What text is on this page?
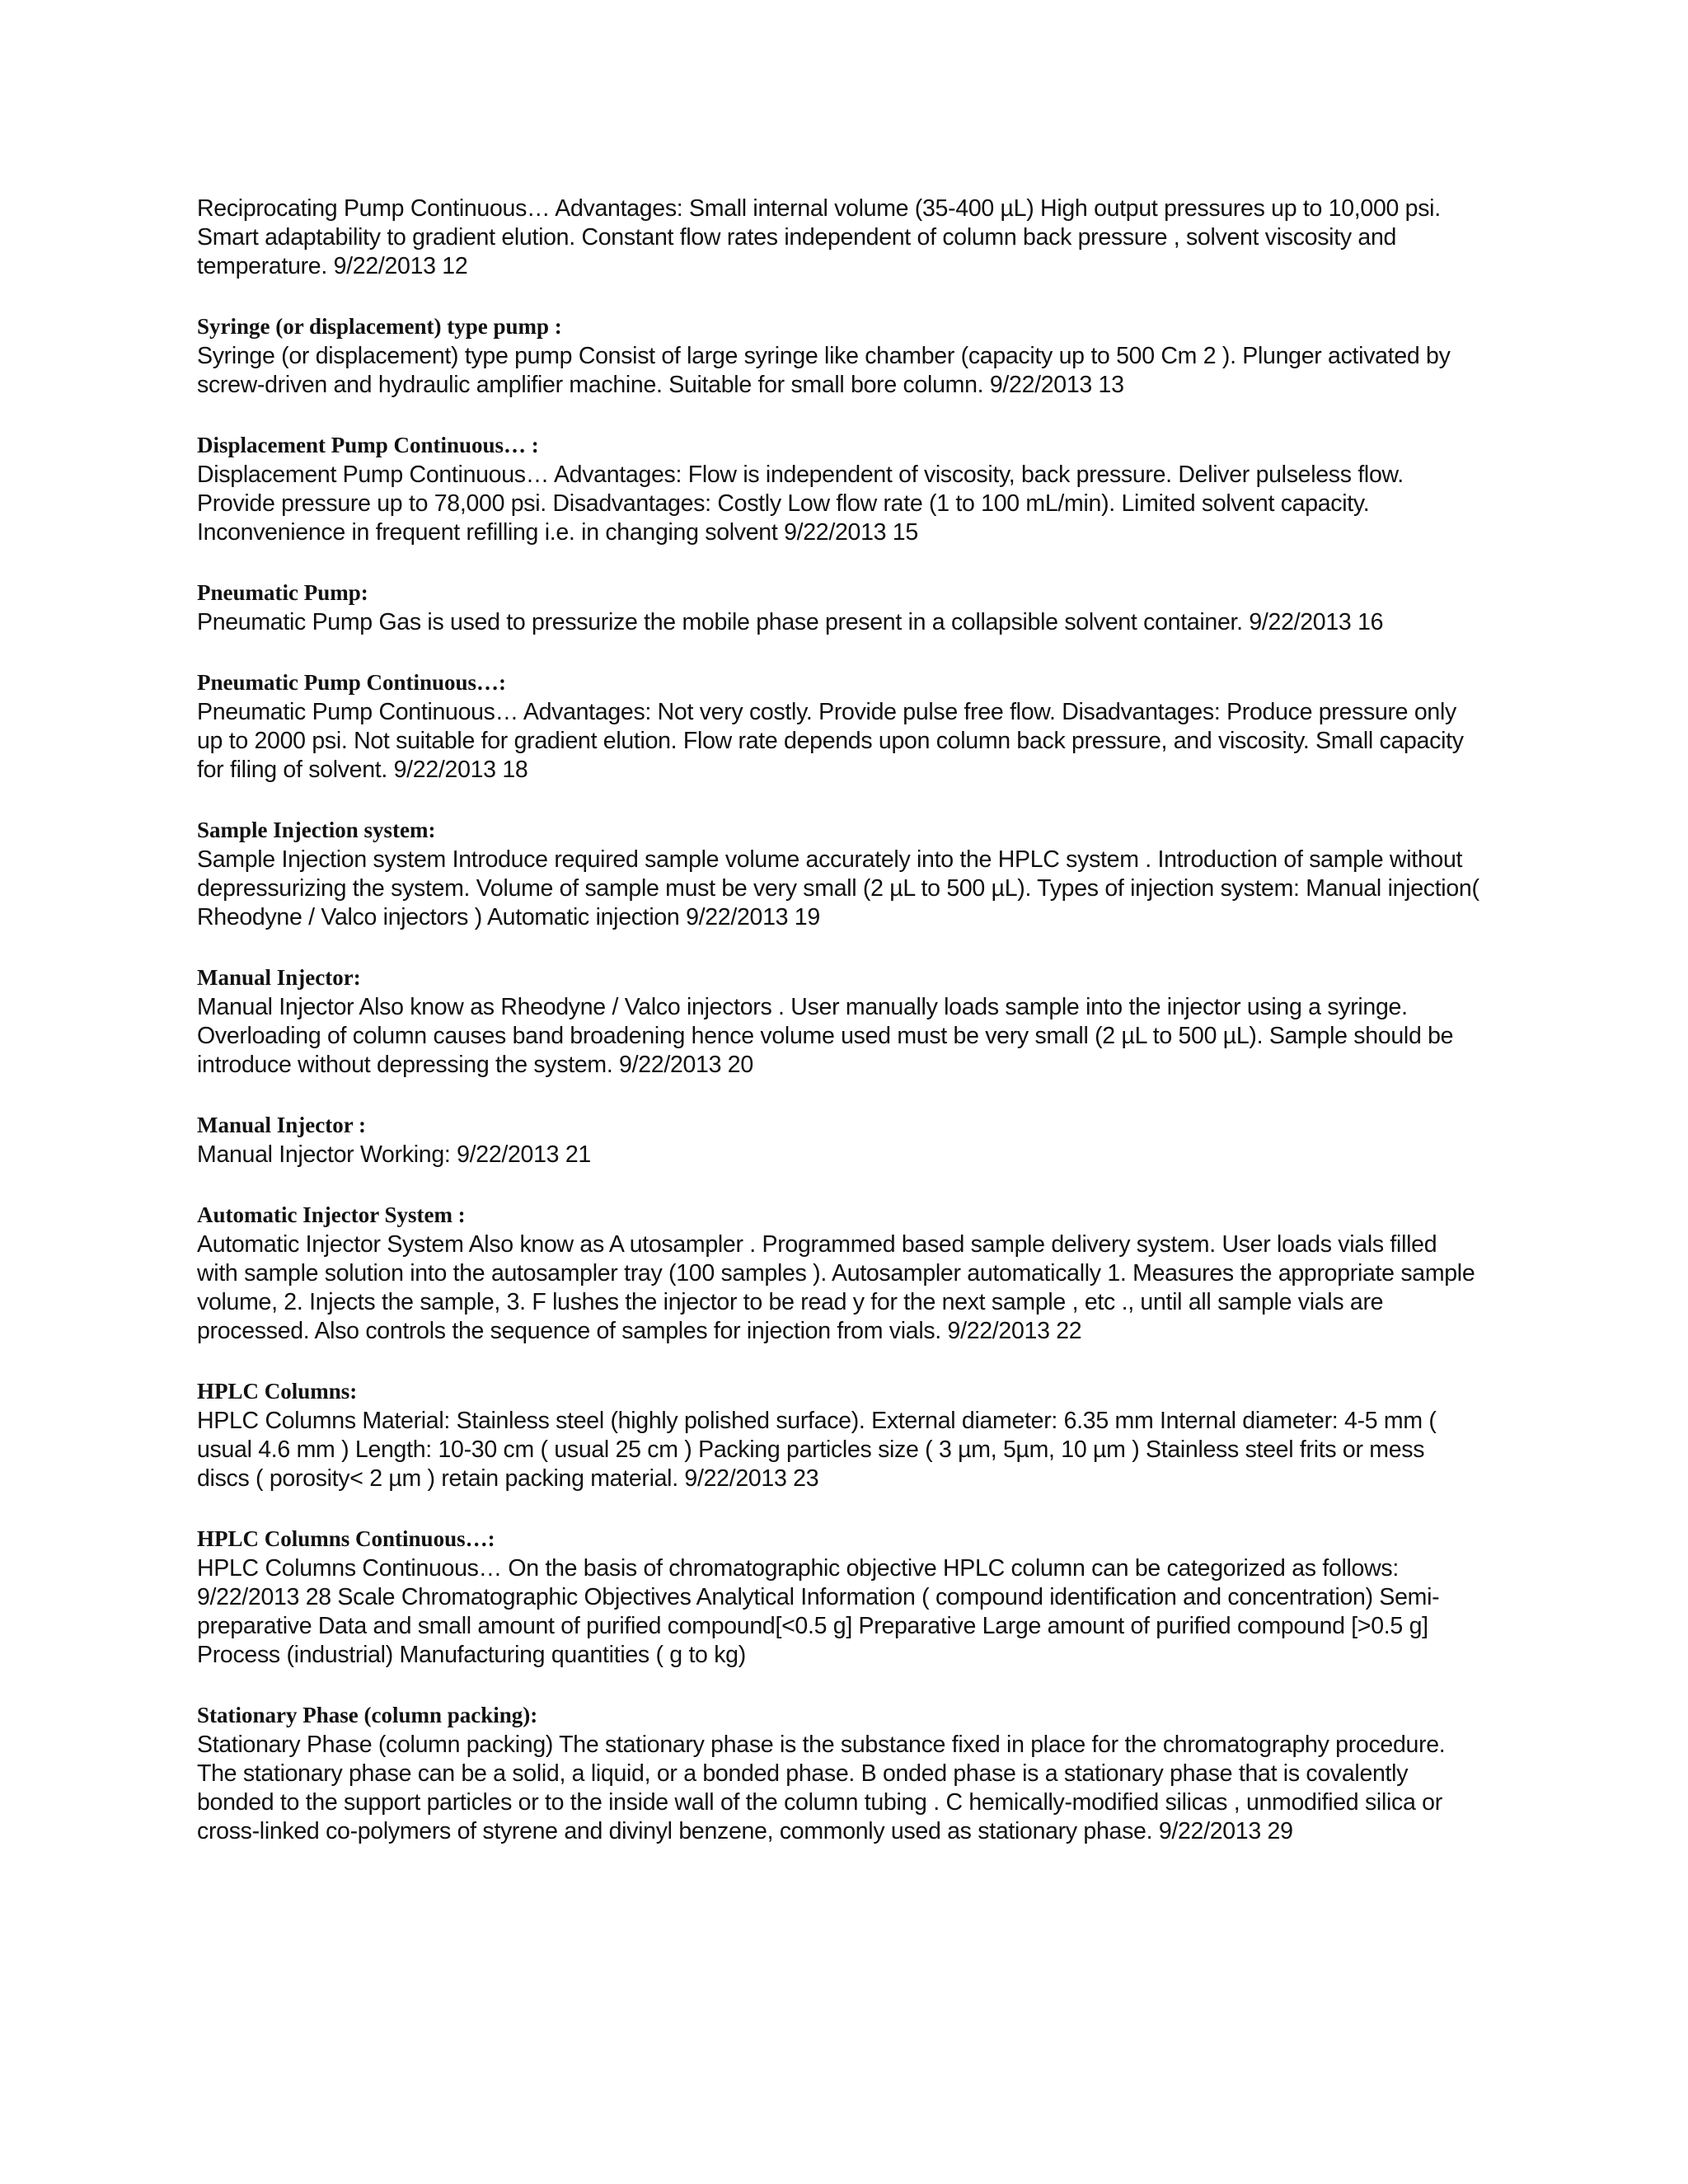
Reciprocating Pump Continuous… Advantages: Small internal volume (35-400 µL) High output pressures up to 10,000 psi. Smart adaptability to gradient elution. Constant flow rates independent of column back pressure , solvent viscosity and temperature. 9/22/2013 12

Syringe (or displacement) type pump :

Syringe (or displacement) type pump Consist of large syringe like chamber (capacity up to 500 Cm 2 ). Plunger activated by screw-driven and hydraulic amplifier machine. Suitable for small bore column. 9/22/2013 13

Displacement Pump Continuous… :

Displacement Pump Continuous… Advantages: Flow is independent of viscosity, back pressure. Deliver pulseless flow. Provide pressure up to 78,000 psi. Disadvantages: Costly Low flow rate (1 to 100 mL/min). Limited solvent capacity. Inconvenience in frequent refilling i.e. in changing solvent 9/22/2013 15

Pneumatic Pump:

Pneumatic Pump Gas is used to pressurize the mobile phase present in a collapsible solvent container. 9/22/2013 16

Pneumatic Pump Continuous…:

Pneumatic Pump Continuous… Advantages: Not very costly. Provide pulse free flow. Disadvantages: Produce pressure only up to 2000 psi. Not suitable for gradient elution. Flow rate depends upon column back pressure, and viscosity. Small capacity for filing of solvent. 9/22/2013 18

Sample Injection system:

Sample Injection system Introduce required sample volume accurately into the HPLC system . Introduction of sample without depressurizing the system. Volume of sample must be very small (2 µL to 500 µL). Types of injection system: Manual injection( Rheodyne / Valco injectors ) Automatic injection 9/22/2013 19

Manual Injector:

Manual Injector Also know as Rheodyne / Valco injectors . User manually loads sample into the injector using a syringe. Overloading of column causes band broadening hence volume used must be very small (2 µL to 500 µL). Sample should be introduce without depressing the system. 9/22/2013 20

Manual Injector :

Manual Injector Working: 9/22/2013 21

Automatic Injector System :

Automatic Injector System Also know as A utosampler . Programmed based sample delivery system. User loads vials filled with sample solution into the autosampler tray (100 samples ). Autosampler automatically 1. Measures the appropriate sample volume, 2. Injects the sample, 3. F lushes the injector to be read y for the next sample , etc ., until all sample vials are processed. Also controls the sequence of samples for injection from vials. 9/22/2013 22

HPLC Columns:

HPLC Columns Material: Stainless steel (highly polished surface). External diameter: 6.35 mm Internal diameter: 4-5 mm ( usual 4.6 mm ) Length: 10-30 cm ( usual 25 cm ) Packing particles size ( 3 µm, 5µm, 10 µm ) Stainless steel frits or mess discs ( porosity< 2 µm ) retain packing material. 9/22/2013 23

HPLC Columns Continuous…:

HPLC Columns Continuous… On the basis of chromatographic objective HPLC column can be categorized as follows: 9/22/2013 28 Scale Chromatographic Objectives Analytical Information ( compound identification and concentration) Semi-preparative Data and small amount of purified compound[<0.5 g] Preparative Large amount of purified compound [>0.5 g] Process (industrial) Manufacturing quantities ( g to kg)

Stationary Phase (column packing):

Stationary Phase (column packing) The stationary phase is the substance fixed in place for the chromatography procedure. The stationary phase can be a solid, a liquid, or a bonded phase. B onded phase is a stationary phase that is covalently bonded to the support particles or to the inside wall of the column tubing . C hemically-modified silicas , unmodified silica or cross-linked co-polymers of styrene and divinyl benzene, commonly used as stationary phase. 9/22/2013 29
